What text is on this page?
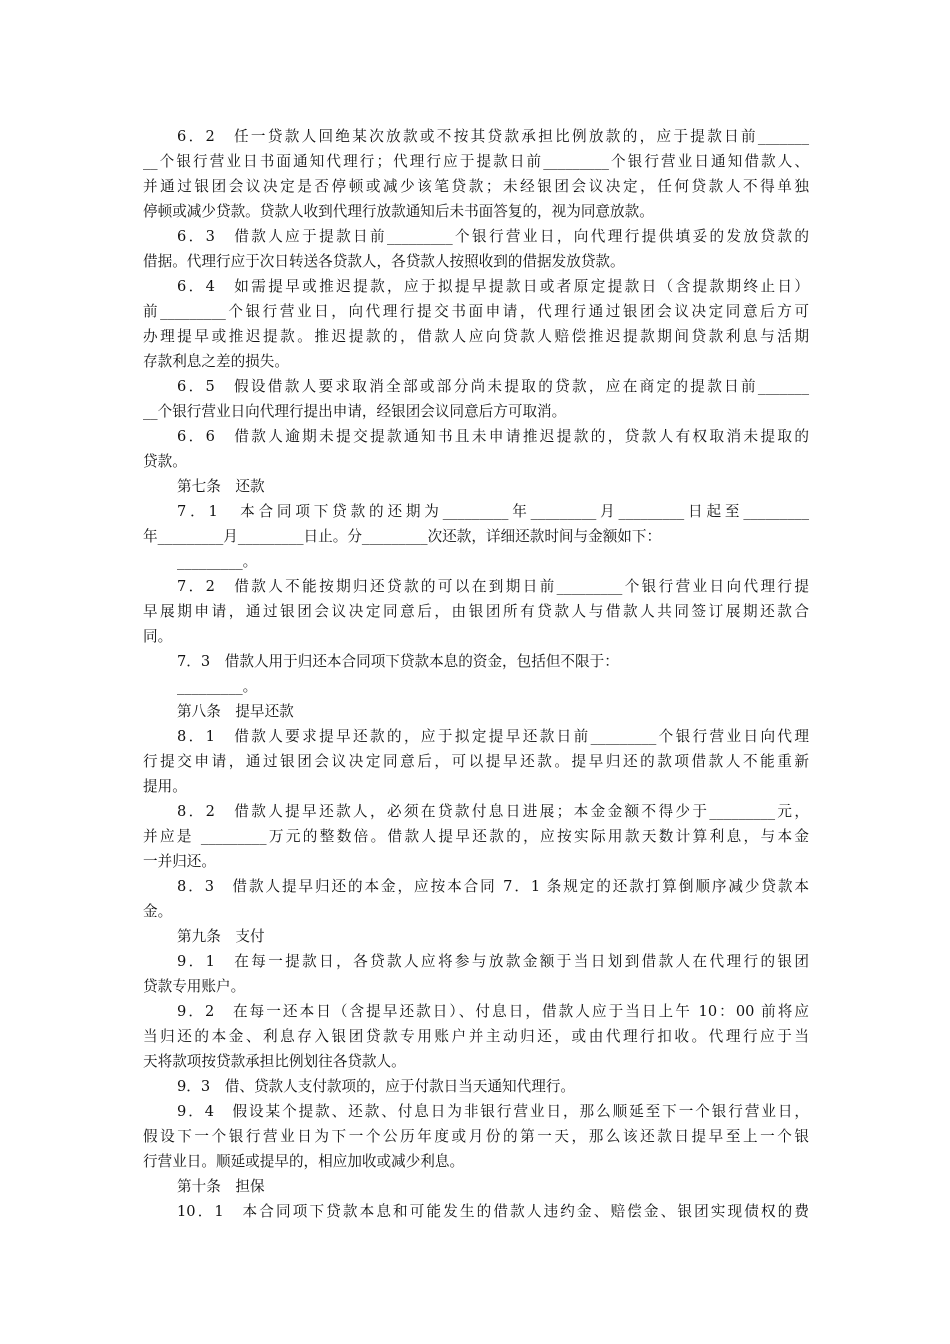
6．2　任一贷款人回绝某次放款或不按其贷款承担比例放款的，应于提款日前_______
__个银行营业日书面通知代理行；代理行应于提款日前_________个银行营业日通知借款人、
并通过银团会议决定是否停顿或减少该笔贷款；未经银团会议决定，任何贷款人不得单独
停顿或减少贷款。贷款人收到代理行放款通知后未书面答复的，视为同意放款。
6．3　借款人应于提款日前_________个银行营业日，向代理行提供填妥的发放贷款的
借据。代理行应于次日转送各贷款人，各贷款人按照收到的借据发放贷款。
6．4　如需提早或推迟提款，应于拟提早提款日或者原定提款日（含提款期终止日）
前_________个银行营业日，向代理行提交书面申请，代理行通过银团会议决定同意后方可
办理提早或推迟提款。推迟提款的，借款人应向贷款人赔偿推迟提款期间贷款利息与活期
存款利息之差的损失。
6．5　假设借款人要求取消全部或部分尚未提取的贷款，应在商定的提款日前_______
__个银行营业日向代理行提出申请，经银团会议同意后方可取消。
6．6　借款人逾期未提交提款通知书且未申请推迟提款的，贷款人有权取消未提取的
贷款。
第七条　还款
7．1　本合同项下贷款的还期为_________年_________月_________日起至_________
年_________月_________日止。分_________次还款，详细还款时间与金额如下：
_________。
7．2　借款人不能按期归还贷款的可以在到期日前_________个银行营业日向代理行提
早展期申请，通过银团会议决定同意后，由银团所有贷款人与借款人共同签订展期还款合
同。
7．3　借款人用于归还本合同项下贷款本息的资金，包括但不限于：
_________。
第八条　提早还款
8．1　借款人要求提早还款的，应于拟定提早还款日前_________个银行营业日向代理
行提交申请，通过银团会议决定同意后，可以提早还款。提早归还的款项借款人不能重新
提用。
8．2　借款人提早还款人，必须在贷款付息日进展；本金金额不得少于_________元，
并应是 _________万元的整数倍。借款人提早还款的，应按实际用款天数计算利息，与本金
一并归还。
8．3　借款人提早归还的本金，应按本合同 7．1 条规定的还款打算倒顺序减少贷款本
金。
第九条　支付
9．1　在每一提款日，各贷款人应将参与放款金额于当日划到借款人在代理行的银团
贷款专用账户。
9．2　在每一还本日（含提早还款日）、付息日，借款人应于当日上午 10：00 前将应
当归还的本金、利息存入银团贷款专用账户并主动归还，或由代理行扣收。代理行应于当
天将款项按贷款承担比例划往各贷款人。
9．3　借、贷款人支付款项的，应于付款日当天通知代理行。
9．4　假设某个提款、还款、付息日为非银行营业日，那么顺延至下一个银行营业日，
假设下一个银行营业日为下一个公历年度或月份的第一天，那么该还款日提早至上一个银
行营业日。顺延或提早的，相应加收或减少利息。
第十条　担保
10．1　本合同项下贷款本息和可能发生的借款人违约金、赔偿金、银团实现债权的费
